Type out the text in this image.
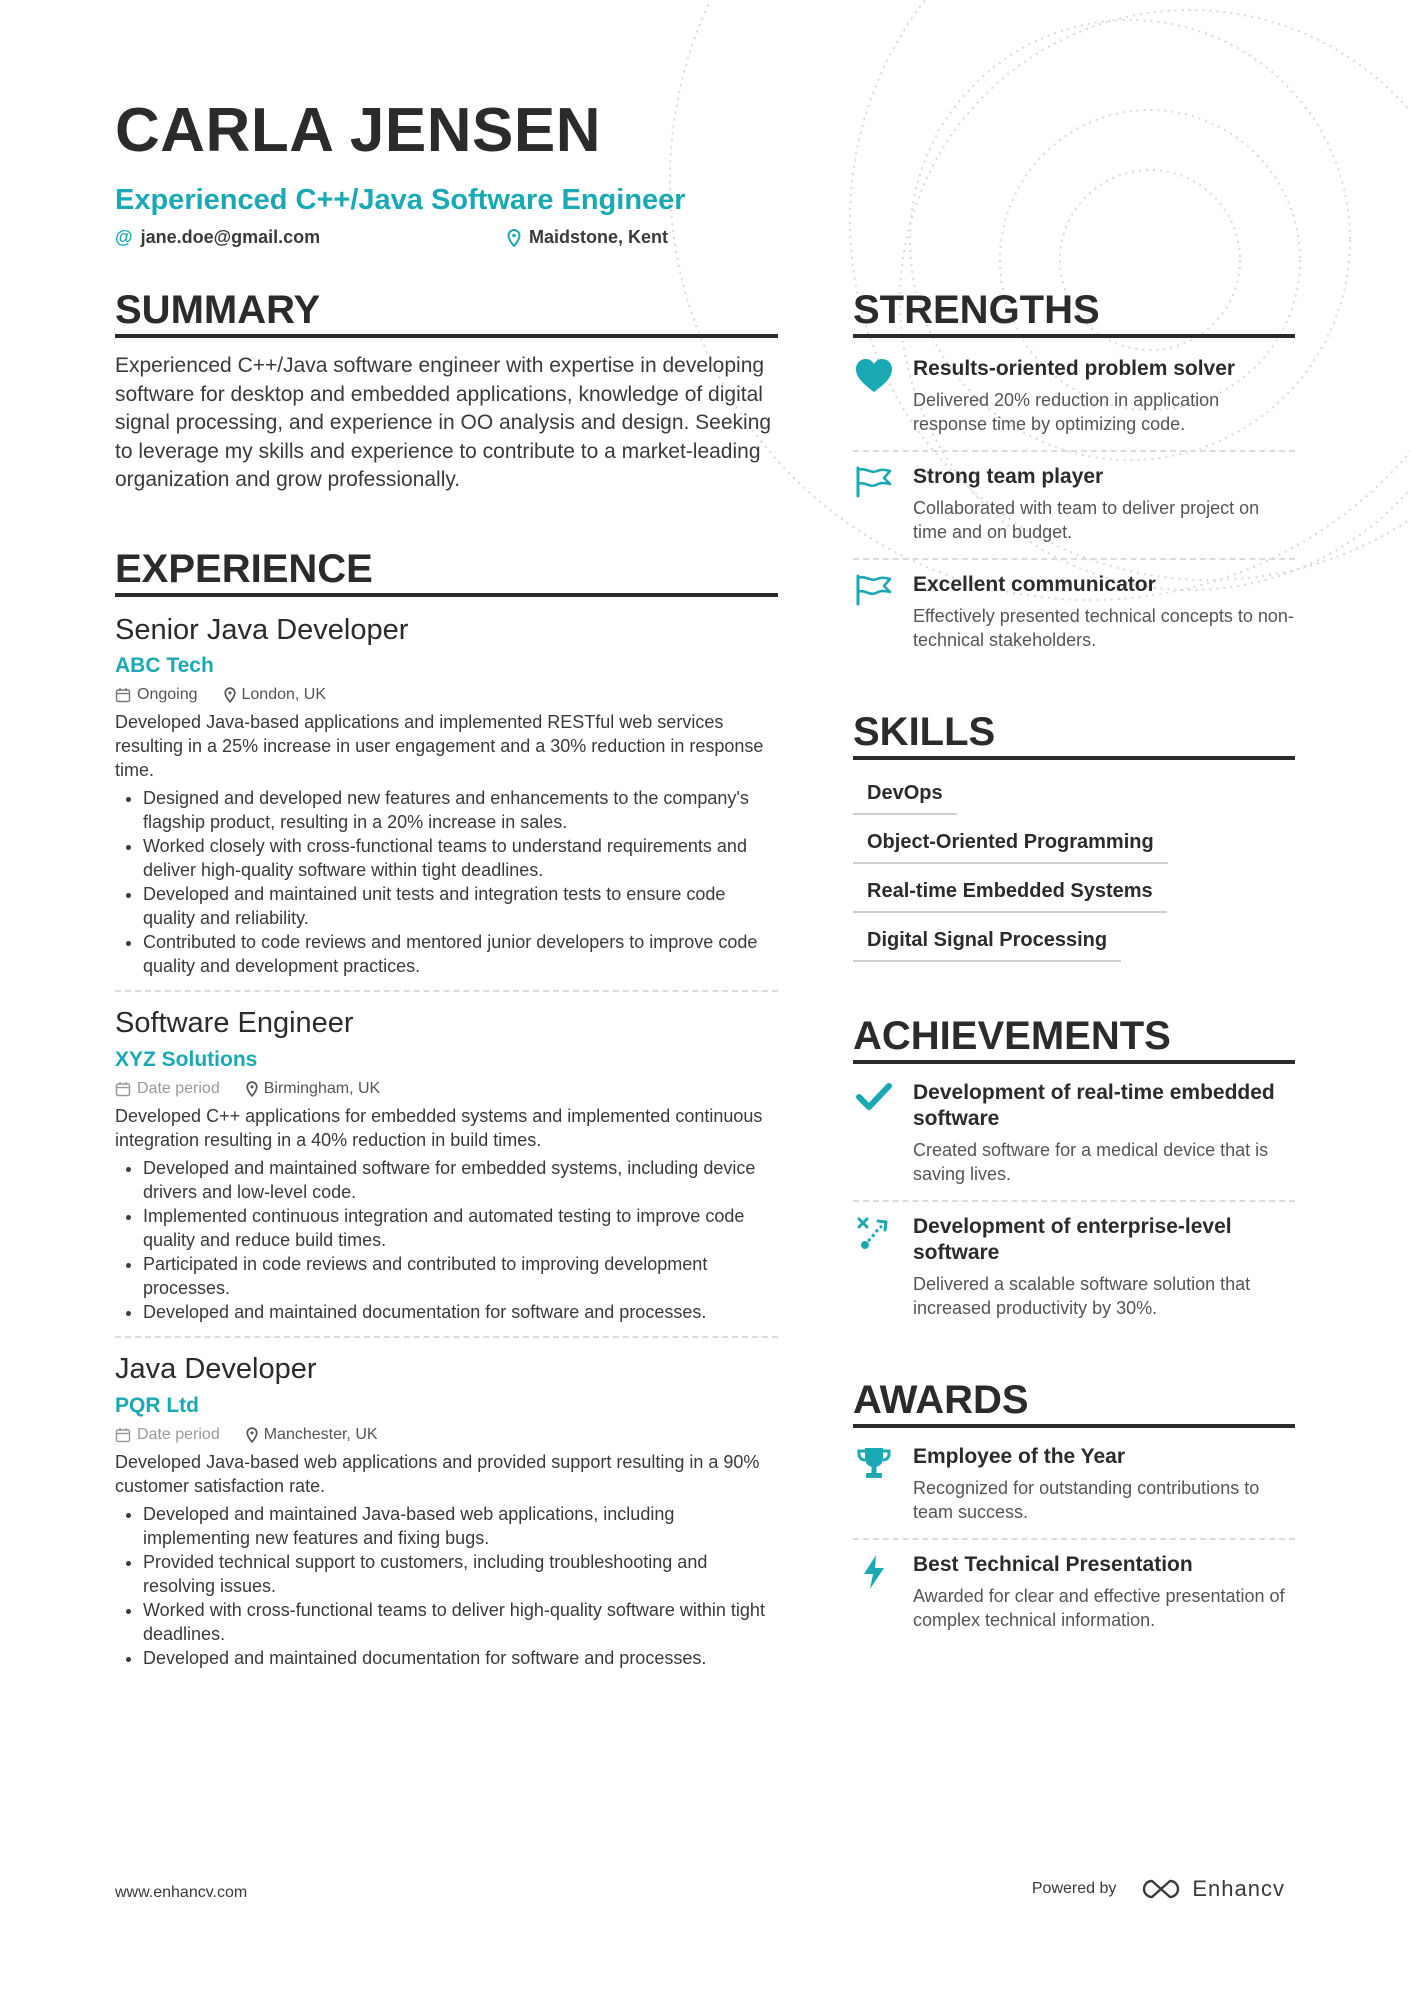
CARLA JENSEN
Experienced C++/Java Software Engineer
@ jane.doe@gmail.com	Maidstone, Kent
SUMMARY
Experienced C++/Java software engineer with expertise in developing software for desktop and embedded applications, knowledge of digital signal processing, and experience in OO analysis and design. Seeking to leverage my skills and experience to contribute to a market-leading organization and grow professionally.
EXPERIENCE
Senior Java Developer
ABC Tech
Ongoing	London, UK
Developed Java-based applications and implemented RESTful web services resulting in a 25% increase in user engagement and a 30% reduction in response time.
• Designed and developed new features and enhancements to the company's flagship product, resulting in a 20% increase in sales.
• Worked closely with cross-functional teams to understand requirements and deliver high-quality software within tight deadlines.
• Developed and maintained unit tests and integration tests to ensure code quality and reliability.
• Contributed to code reviews and mentored junior developers to improve code quality and development practices.
Software Engineer
XYZ Solutions
Date period	Birmingham, UK
Developed C++ applications for embedded systems and implemented continuous integration resulting in a 40% reduction in build times.
• Developed and maintained software for embedded systems, including device drivers and low-level code.
• Implemented continuous integration and automated testing to improve code quality and reduce build times.
• Participated in code reviews and contributed to improving development processes.
• Developed and maintained documentation for software and processes.
Java Developer
PQR Ltd
Date period	Manchester, UK
Developed Java-based web applications and provided support resulting in a 90% customer satisfaction rate.
• Developed and maintained Java-based web applications, including implementing new features and fixing bugs.
• Provided technical support to customers, including troubleshooting and resolving issues.
• Worked with cross-functional teams to deliver high-quality software within tight deadlines.
• Developed and maintained documentation for software and processes.
STRENGTHS
Results-oriented problem solver
Delivered 20% reduction in application response time by optimizing code.
Strong team player
Collaborated with team to deliver project on time and on budget.
Excellent communicator
Effectively presented technical concepts to non-technical stakeholders.
SKILLS
DevOps
Object-Oriented Programming
Real-time Embedded Systems
Digital Signal Processing
ACHIEVEMENTS
Development of real-time embedded software
Created software for a medical device that is saving lives.
Development of enterprise-level software
Delivered a scalable software solution that increased productivity by 30%.
AWARDS
Employee of the Year
Recognized for outstanding contributions to team success.
Best Technical Presentation
Awarded for clear and effective presentation of complex technical information.
www.enhancv.com	Powered by	Enhancv
